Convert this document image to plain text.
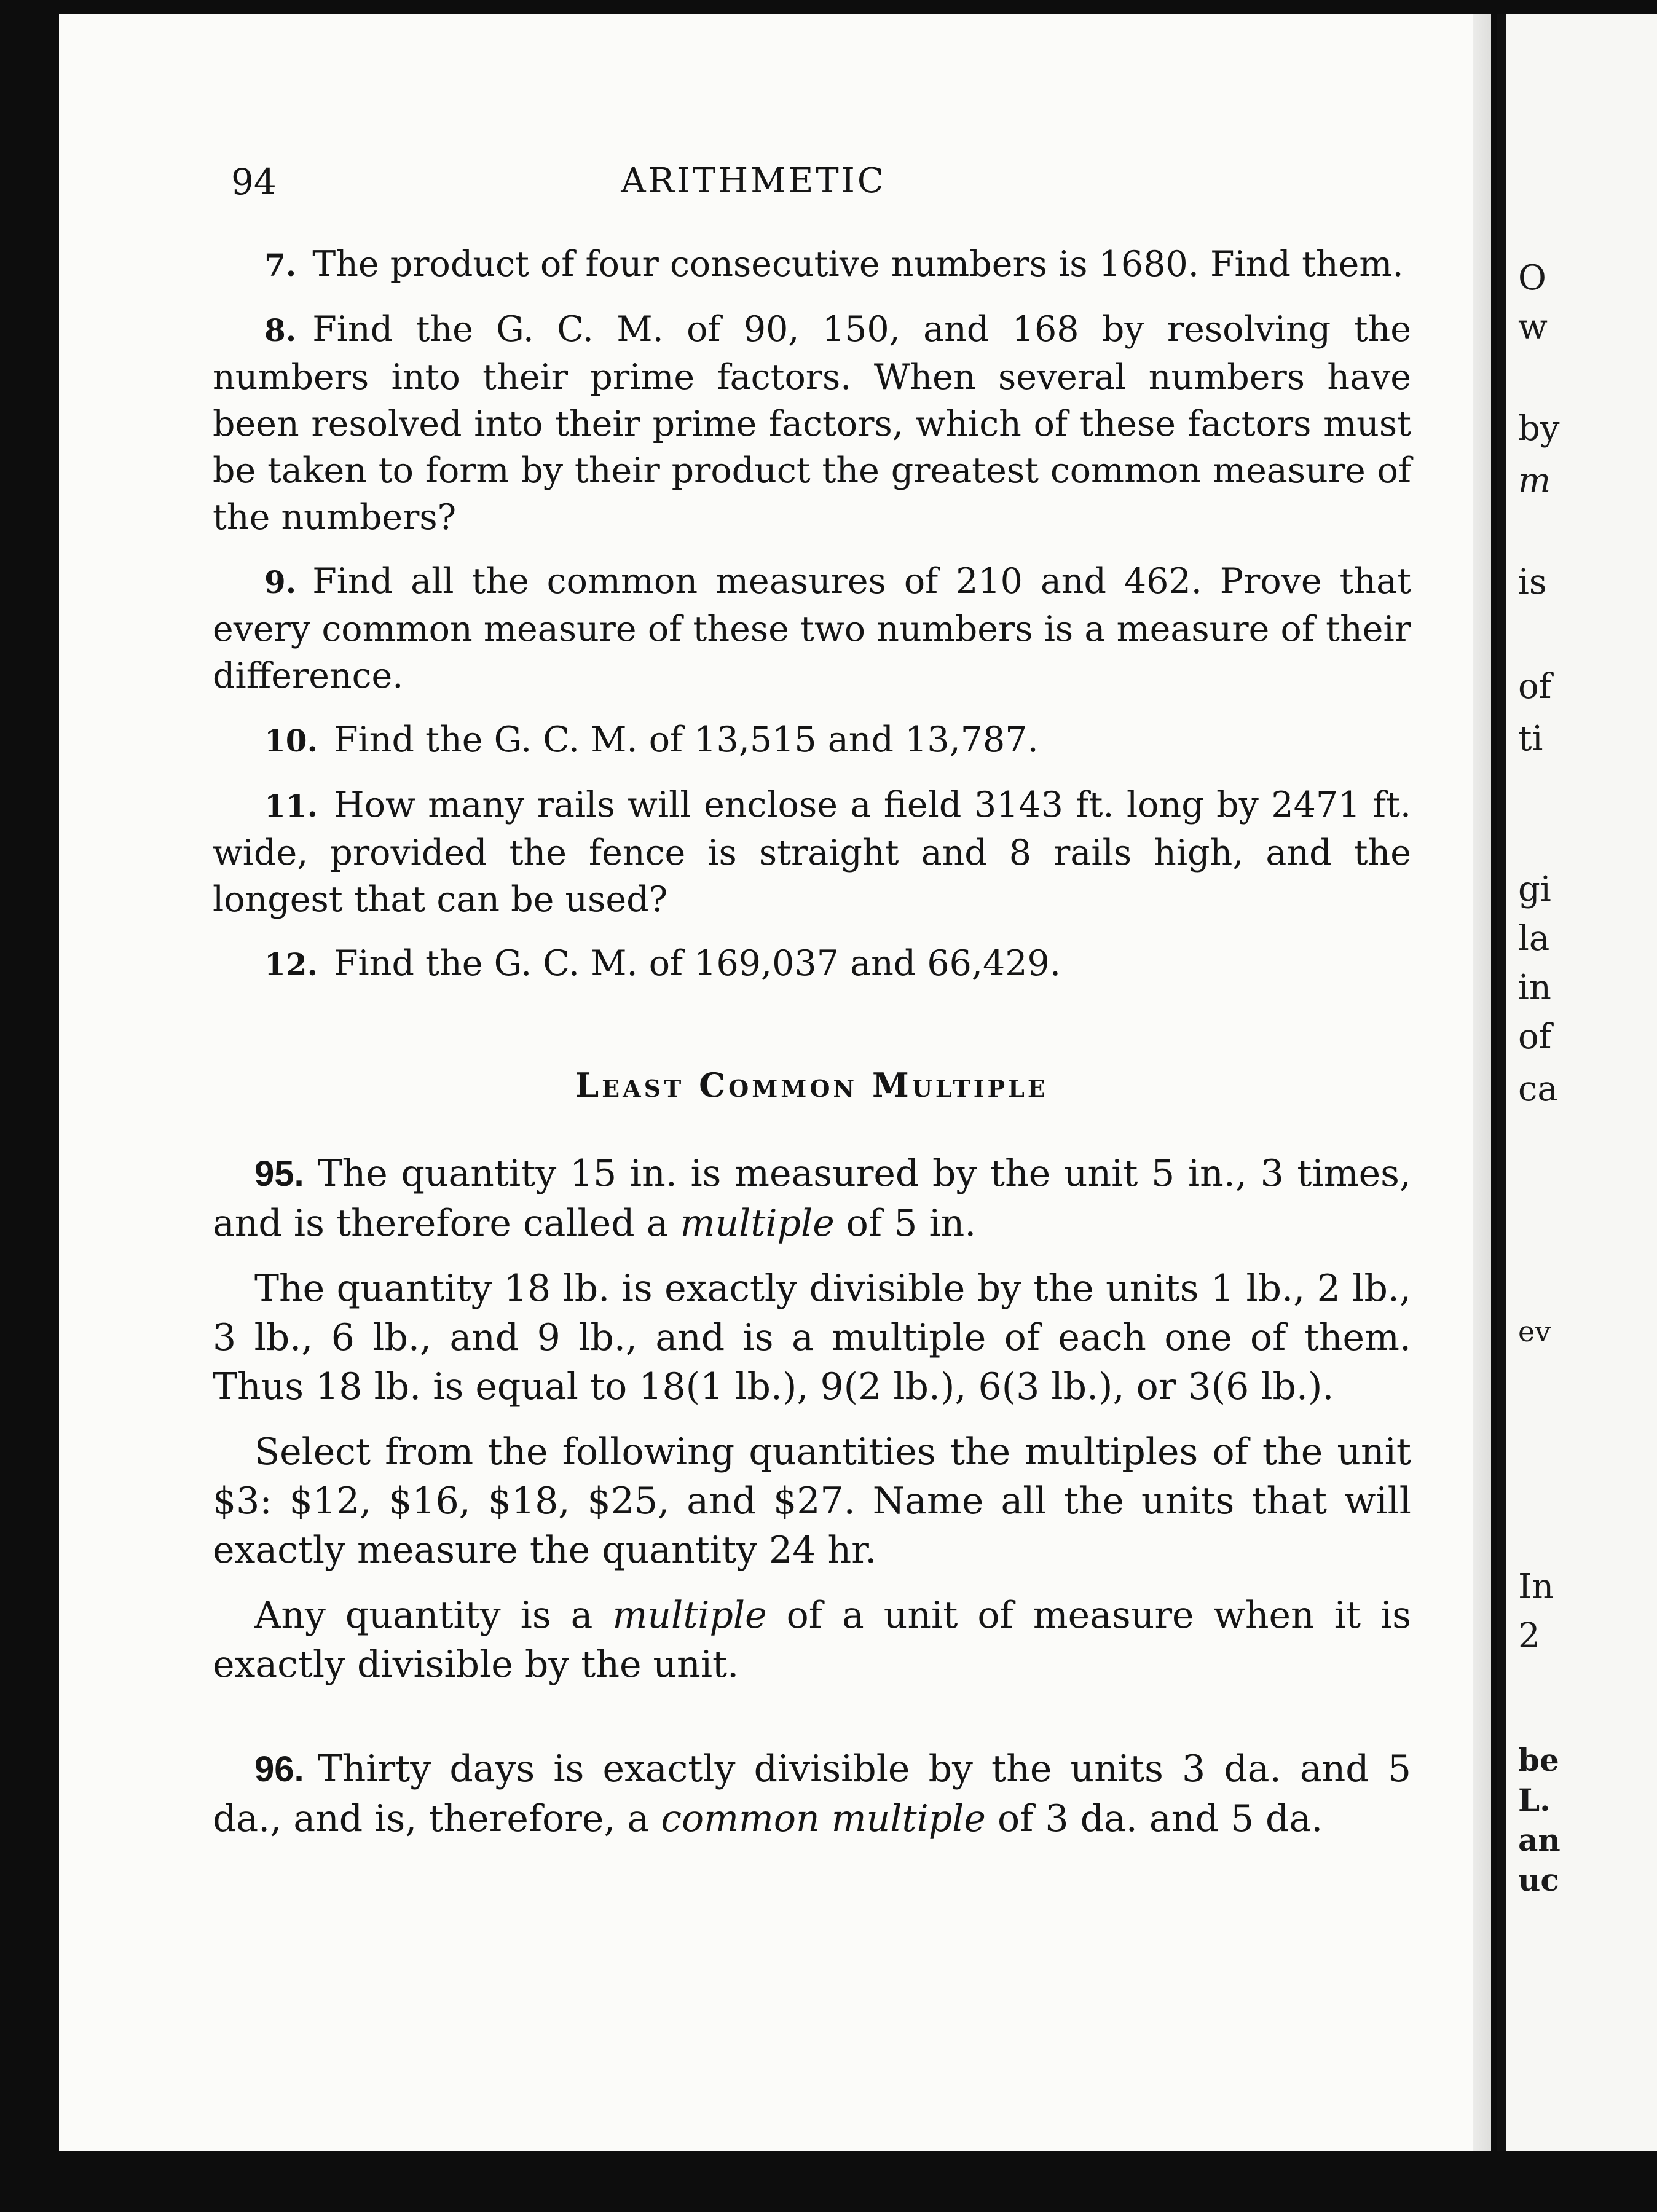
94	ARITHMETIC

7. The product of four consecutive numbers is 1680. Find them.

8. Find the G. C. M. of 90, 150, and 168 by resolving the numbers into their prime factors. When several numbers have been resolved into their prime factors, which of these factors must be taken to form by their product the greatest common measure of the numbers?

9. Find all the common measures of 210 and 462. Prove that every common measure of these two numbers is a measure of their difference.

10. Find the G. C. M. of 13,515 and 13,787.

11. How many rails will enclose a field 3143 ft. long by 2471 ft. wide, provided the fence is straight and 8 rails high, and the longest that can be used?

12. Find the G. C. M. of 169,037 and 66,429.

Least Common Multiple

95. The quantity 15 in. is measured by the unit 5 in., 3 times, and is therefore called a multiple of 5 in.

The quantity 18 lb. is exactly divisible by the units 1 lb., 2 lb., 3 lb., 6 lb., and 9 lb., and is a multiple of each one of them. Thus 18 lb. is equal to 18(1 lb.), 9(2 lb.), 6(3 lb.), or 3(6 lb.).

Select from the following quantities the multiples of the unit $3: $12, $16, $18, $25, and $27. Name all the units that will exactly measure the quantity 24 hr.

Any quantity is a multiple of a unit of measure when it is exactly divisible by the unit.

96. Thirty days is exactly divisible by the units 3 da. and 5 da., and is, therefore, a common multiple of 3 da. and 5 da.

O
w
by
m
is
of
ti
gi
la
in
of
ca
ev
In
2
be
L.
an
uc
